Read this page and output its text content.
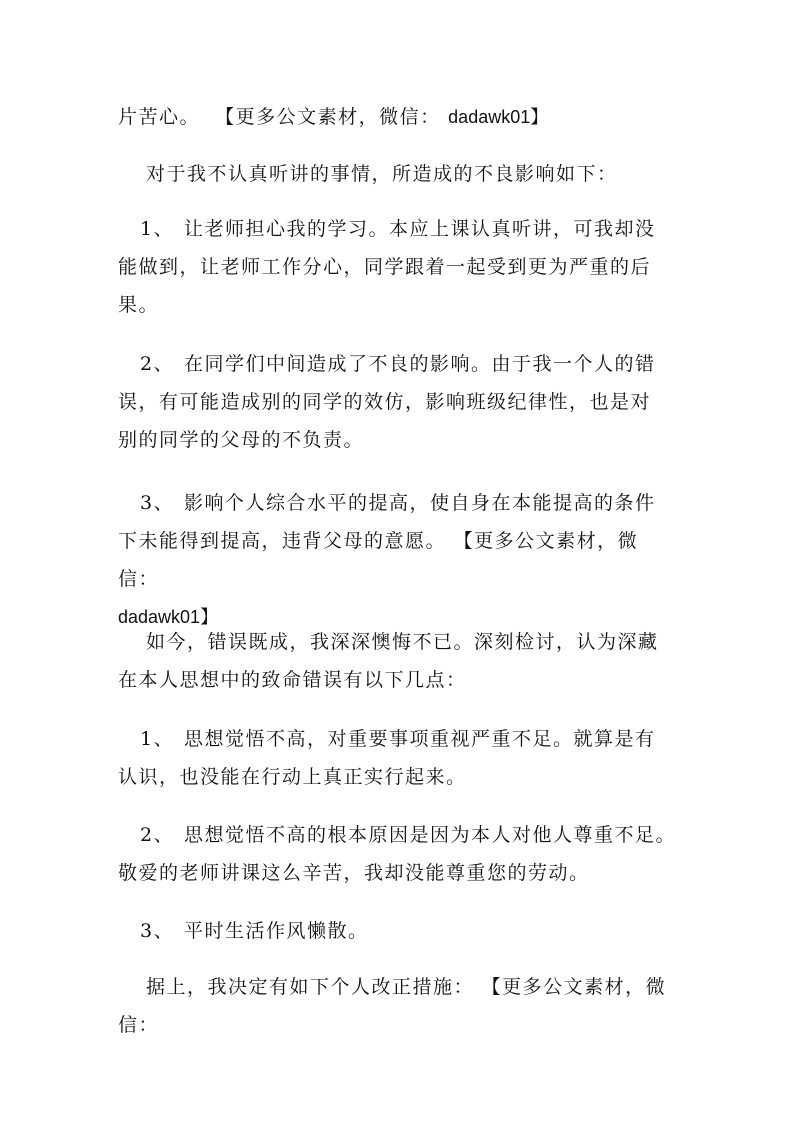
片苦心。 【更多公文素材，微信： dadawk01】

对于我不认真听讲的事情，所造成的不良影响如下：

1、 让老师担心我的学习。本应上课认真听讲，可我却没

能做到，让老师工作分心，同学跟着一起受到更为严重的后

果。

2、 在同学们中间造成了不良的影响。由于我一个人的错

误，有可能造成别的同学的效仿，影响班级纪律性，也是对

别的同学的父母的不负责。

3、 影响个人综合水平的提高，使自身在本能提高的条件

下未能得到提高，违背父母的意愿。 【更多公文素材，微 信：

dadawk01】

如今，错误既成，我深深懊悔不已。深刻检讨，认为深藏

在本人思想中的致命错误有以下几点：

1、 思想觉悟不高，对重要事项重视严重不足。就算是有

认识，也没能在行动上真正实行起来。

2、 思想觉悟不高的根本原因是因为本人对他人尊重不足。

敬爱的老师讲课这么辛苦，我却没能尊重您的劳动。

3、 平时生活作风懒散。

据上，我决定有如下个人改正措施： 【更多公文素材，微信：
